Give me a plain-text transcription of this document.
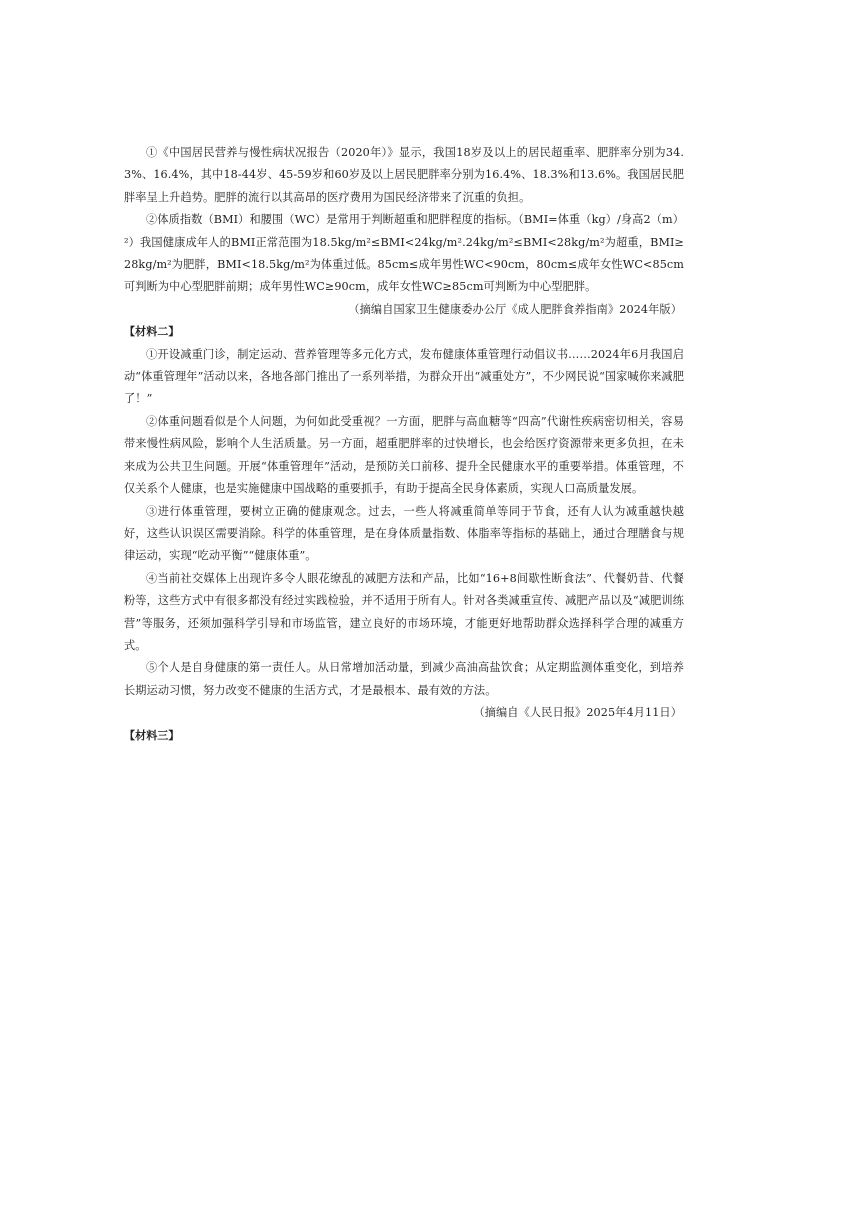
①《中国居民营养与慢性病状况报告（2020年）》显示，我国18岁及以上的居民超重率、肥胖率分别为34.3%、16.4%，其中18-44岁、45-59岁和60岁及以上居民肥胖率分别为16.4%、18.3%和13.6%。我国居民肥胖率呈上升趋势。肥胖的流行以其高昂的医疗费用为国民经济带来了沉重的负担。

②体质指数（BMI）和腰围（WC）是常用于判断超重和肥胖程度的指标。（BMI=体重（kg）/身高2（m）²）我国健康成年人的BMI正常范围为18.5kg/m²≤BMI<24kg/m².24kg/m²≤BMI<28kg/m²为超重，BMI≥28kg/m²为肥胖，BMI<18.5kg/m²为体重过低。85cm≤成年男性WC<90cm，80cm≤成年女性WC<85cm可判断为中心型肥胖前期；成年男性WC≥90cm，成年女性WC≥85cm可判断为中心型肥胖。

（摘编自国家卫生健康委办公厅《成人肥胖食养指南》2024年版）

【材料二】

①开设减重门诊，制定运动、营养管理等多元化方式，发布健康体重管理行动倡议书……2024年6月我国启动“体重管理年”活动以来，各地各部门推出了一系列举措，为群众开出“减重处方”，不少网民说“国家喊你来减肥了！”

②体重问题看似是个人问题，为何如此受重视？一方面，肥胖与高血糖等“四高”代谢性疾病密切相关，容易带来慢性病风险，影响个人生活质量。另一方面，超重肥胖率的过快增长，也会给医疗资源带来更多负担，在未来成为公共卫生问题。开展“体重管理年”活动，是预防关口前移、提升全民健康水平的重要举措。体重管理，不仅关系个人健康，也是实施健康中国战略的重要抓手，有助于提高全民身体素质，实现人口高质量发展。

③进行体重管理，要树立正确的健康观念。过去，一些人将减重简单等同于节食，还有人认为减重越快越好，这些认识误区需要消除。科学的体重管理，是在身体质量指数、体脂率等指标的基础上，通过合理膳食与规律运动，实现“吃动平衡”“健康体重”。

④当前社交媒体上出现许多令人眼花缭乱的减肥方法和产品，比如“16+8间歇性断食法”、代餐奶昔、代餐粉等，这些方式中有很多都没有经过实践检验，并不适用于所有人。针对各类减重宣传、减肥产品以及“减肥训练营”等服务，还须加强科学引导和市场监管，建立良好的市场环境，才能更好地帮助群众选择科学合理的减重方式。

⑤个人是自身健康的第一责任人。从日常增加活动量，到减少高油高盐饮食；从定期监测体重变化，到培养长期运动习惯，努力改变不健康的生活方式，才是最根本、最有效的方法。

（摘编自《人民日报》2025年4月11日）

【材料三】
